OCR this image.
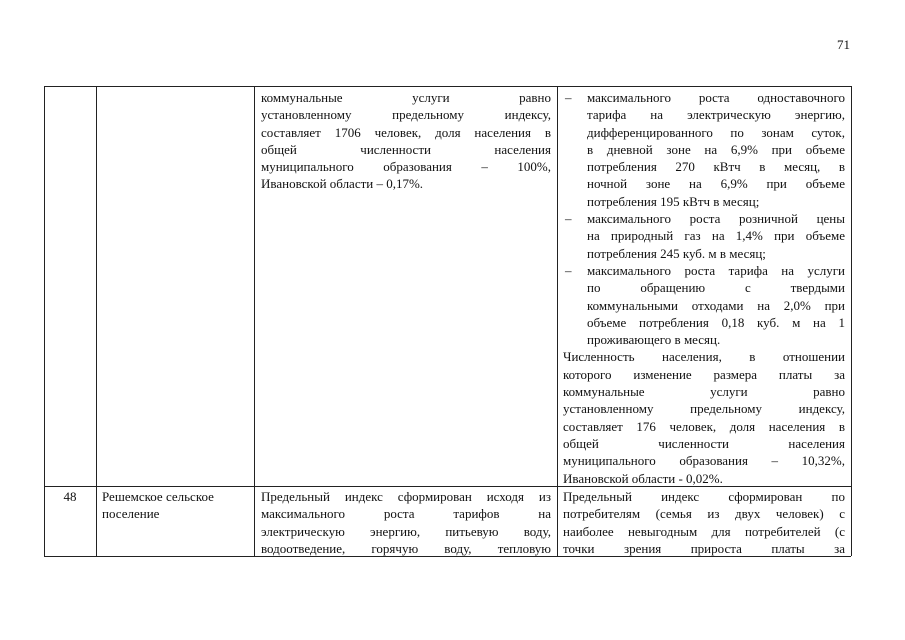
71
коммунальные услуги равно
установленному предельному индексу,
составляет 1706 человек, доля населения в
общей численности населения
муниципального образования – 100%,
Ивановской области – 0,17%.
– максимального роста одноставочного
тарифа на электрическую энергию,
дифференцированного по зонам суток,
в дневной зоне на 6,9% при объеме
потребления 270 кВтч в месяц, в
ночной зоне на 6,9% при объеме
потребления 195 кВтч в месяц;
– максимального роста розничной цены
на природный газ на 1,4% при объеме
потребления 245 куб. м в месяц;
– максимального роста тарифа на услуги
по обращению с твердыми
коммунальными отходами на 2,0% при
объеме потребления 0,18 куб. м на 1
проживающего в месяц.
Численность населения, в отношении
которого изменение размера платы за
коммунальные услуги равно
установленному предельному индексу,
составляет 176 человек, доля населения в
общей численности населения
муниципального образования – 10,32%,
Ивановской области - 0,02%.
48	Решемское сельское
поселение
Предельный индекс сформирован исходя из
максимального роста тарифов на
электрическую энергию, питьевую воду,
водоотведение, горячую воду, тепловую
Предельный индекс сформирован по
потребителям (семья из двух человек) с
наиболее невыгодным для потребителей (с
точки зрения прироста платы за
